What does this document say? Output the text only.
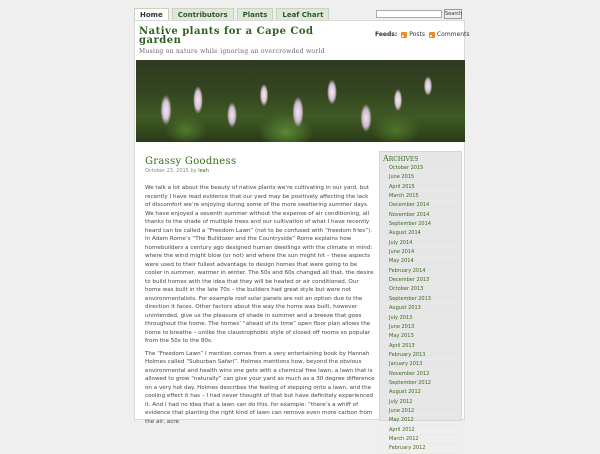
Home	Contributors	Plants	Leaf Chart	Search
Native plants for a Cape Cod garden
Musing on nature while ignoring an overcrowded world
Feeds: Posts Comments
Grassy Goodness
October 23, 2015 by leah

We talk a lot about the beauty of native plants we’re cultivating in our yard, but recently I have read evidence that our yard may be positively affecting the lack of discomfort we’re enjoying during some of the more sweltering summer days. We have enjoyed a seventh summer without the expense of air conditioning, all thanks to the shade of multiple trees and our cultivation of what I have recently heard can be called a “Freedom Lawn” (not to be confused with “freedom fries”). In Adam Rome’s “The Bulldozer and the Countryside” Rome explains how homebuilders a century ago designed human dwellings with the climate in mind: where the wind might blow (or not) and where the sun might hit – these aspects were used to their fullest advantage to design homes that were going to be cooler in summer, warmer in winter. The 50s and 60s changed all that, the desire to build homes with the idea that they will be heated or air conditioned. Our home was built in the late 70s – the builders had great style but were not environmentalists. For example roof solar panels are not an option due to the direction it faces. Other factors about the way the home was built, however unintended, give us the pleasure of shade in summer and a breeze that goes throughout the home. The homes’ “ahead of its time” open floor plan allows the home to breathe – unlike the claustrophobic style of closed off rooms so popular from the 50s to the 80s.

The “Freedom Lawn” I mention comes from a very entertaining book by Hannah Holmes called “Suburban Safari”. Holmes mentions how, beyond the obvious environmental and health wins one gets with a chemical free lawn, a lawn that is allowed to grow “naturally” can give your yard as much as a 30 degree difference on a very hot day. Holmes describes the feeling of stepping onto a lawn, and the cooling effect it has – I had never thought of that but have definitely experienced it. And I had no idea that a lawn can do this, for example: “there’s a whiff of evidence that planting the right kind of lawn can remove even more carbon from the air, acre

Archives
October 2015
June 2015
April 2015
March 2015
December 2014
November 2014
September 2014
August 2014
July 2014
June 2014
May 2014
February 2014
December 2013
October 2013
September 2013
August 2013
July 2013
June 2013
May 2013
April 2013
February 2013
January 2013
November 2012
September 2012
August 2012
July 2012
June 2012
May 2012
April 2012
March 2012
February 2012
